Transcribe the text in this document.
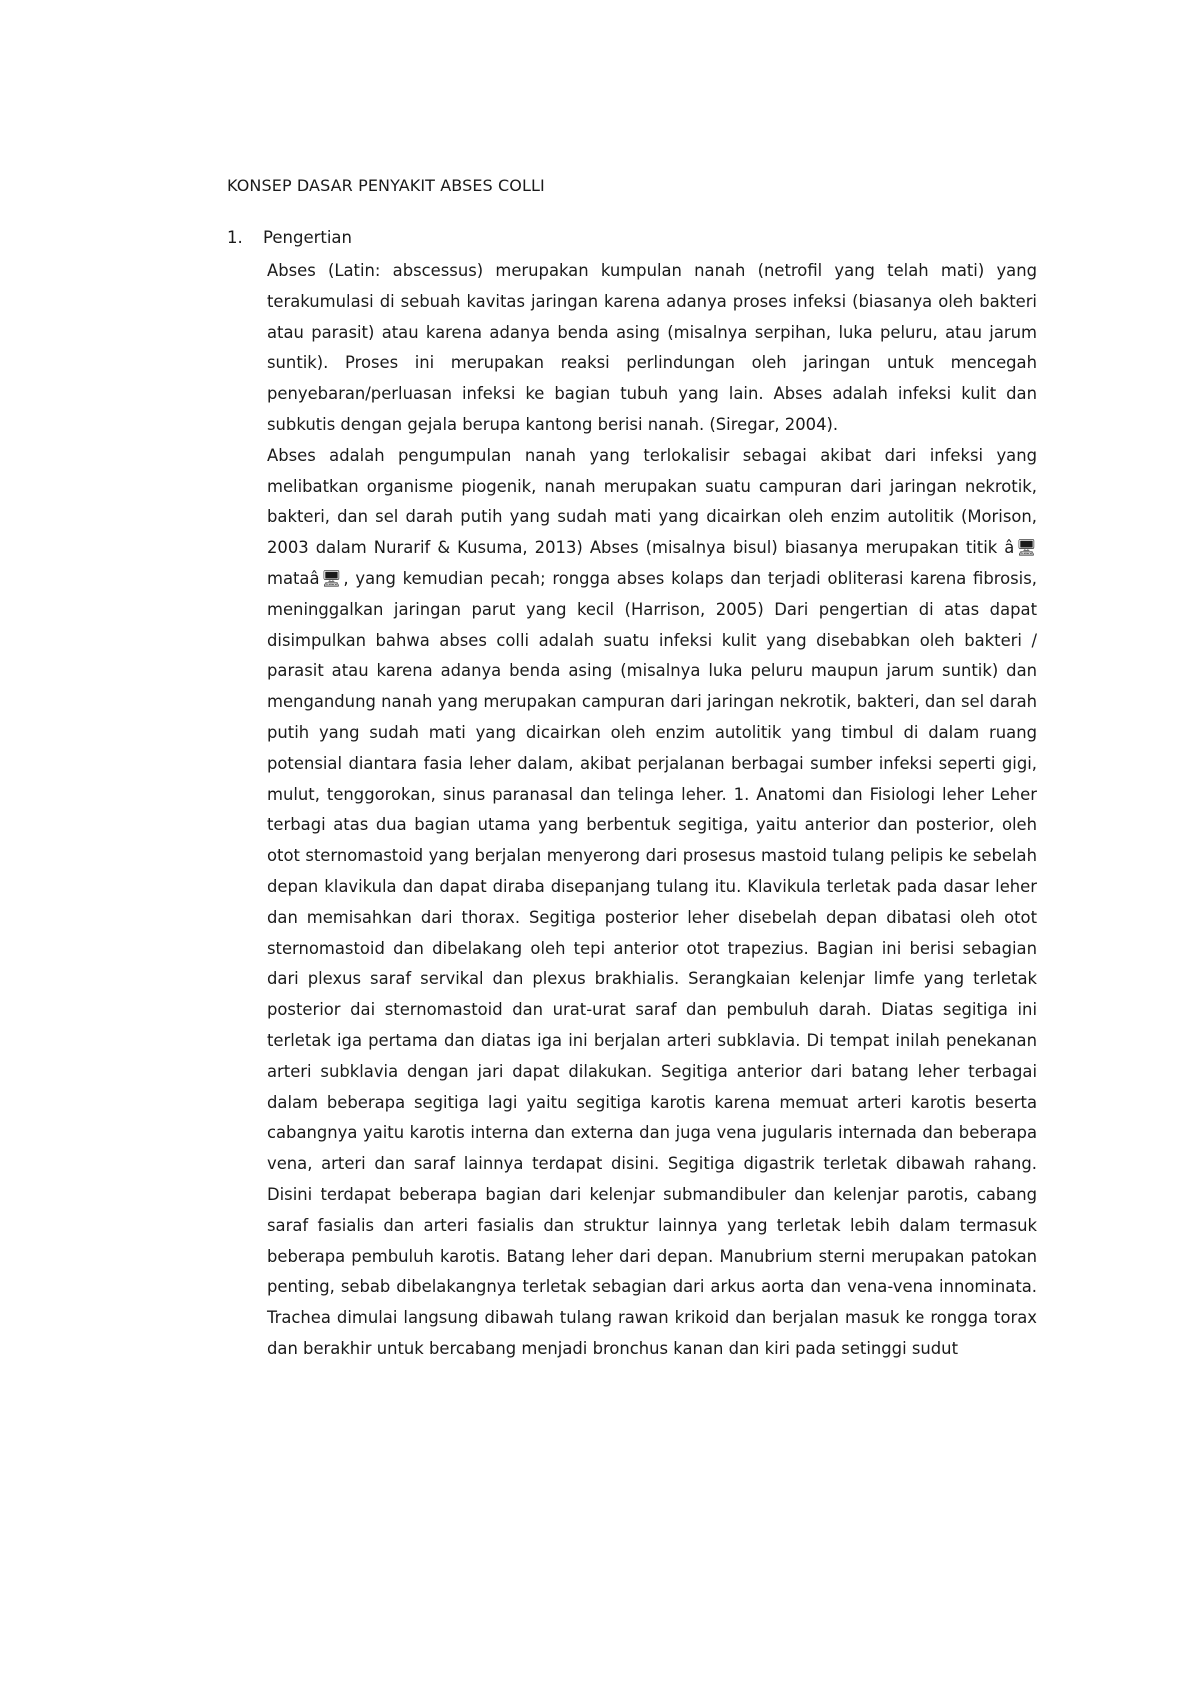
KONSEP DASAR PENYAKIT ABSES COLLI
1. Pengertian

Abses (Latin: abscessus) merupakan kumpulan nanah (netrofil yang telah mati) yang terakumulasi di sebuah kavitas jaringan karena adanya proses infeksi (biasanya oleh bakteri atau parasit) atau karena adanya benda asing (misalnya serpihan, luka peluru, atau jarum suntik). Proses ini merupakan reaksi perlindungan oleh jaringan untuk mencegah penyebaran/perluasan infeksi ke bagian tubuh yang lain. Abses adalah infeksi kulit dan subkutis dengan gejala berupa kantong berisi nanah. (Siregar, 2004).

Abses adalah pengumpulan nanah yang terlokalisir sebagai akibat dari infeksi yang melibatkan organisme piogenik, nanah merupakan suatu campuran dari jaringan nekrotik, bakteri, dan sel darah putih yang sudah mati yang dicairkan oleh enzim autolitik (Morison, 2003 dalam Nurarif & Kusuma, 2013) Abses (misalnya bisul) biasanya merupakan titik â🖥mataâ🖥, yang kemudian pecah; rongga abses kolaps dan terjadi obliterasi karena fibrosis, meninggalkan jaringan parut yang kecil (Harrison, 2005) Dari pengertian di atas dapat disimpulkan bahwa abses colli adalah suatu infeksi kulit yang disebabkan oleh bakteri / parasit atau karena adanya benda asing (misalnya luka peluru maupun jarum suntik) dan mengandung nanah yang merupakan campuran dari jaringan nekrotik, bakteri, dan sel darah putih yang sudah mati yang dicairkan oleh enzim autolitik yang timbul di dalam ruang potensial diantara fasia leher dalam, akibat perjalanan berbagai sumber infeksi seperti gigi, mulut, tenggorokan, sinus paranasal dan telinga leher. 1. Anatomi dan Fisiologi leher Leher terbagi atas dua bagian utama yang berbentuk segitiga, yaitu anterior dan posterior, oleh otot sternomastoid yang berjalan menyerong dari prosesus mastoid tulang pelipis ke sebelah depan klavikula dan dapat diraba disepanjang tulang itu. Klavikula terletak pada dasar leher dan memisahkan dari thorax. Segitiga posterior leher disebelah depan dibatasi oleh otot sternomastoid dan dibelakang oleh tepi anterior otot trapezius. Bagian ini berisi sebagian dari plexus saraf servikal dan plexus brakhialis. Serangkaian kelenjar limfe yang terletak posterior dai sternomastoid dan urat-urat saraf dan pembuluh darah. Diatas segitiga ini terletak iga pertama dan diatas iga ini berjalan arteri subklavia. Di tempat inilah penekanan arteri subklavia dengan jari dapat dilakukan. Segitiga anterior dari batang leher terbagai dalam beberapa segitiga lagi yaitu segitiga karotis karena memuat arteri karotis beserta cabangnya yaitu karotis interna dan externa dan juga vena jugularis internada dan beberapa vena, arteri dan saraf lainnya terdapat disini. Segitiga digastrik terletak dibawah rahang. Disini terdapat beberapa bagian dari kelenjar submandibuler dan kelenjar parotis, cabang saraf fasialis dan arteri fasialis dan struktur lainnya yang terletak lebih dalam termasuk beberapa pembuluh karotis. Batang leher dari depan. Manubrium sterni merupakan patokan penting, sebab dibelakangnya terletak sebagian dari arkus aorta dan vena-vena innominata. Trachea dimulai langsung dibawah tulang rawan krikoid dan berjalan masuk ke rongga torax dan berakhir untuk bercabang menjadi bronchus kanan dan kiri pada setinggi sudut
